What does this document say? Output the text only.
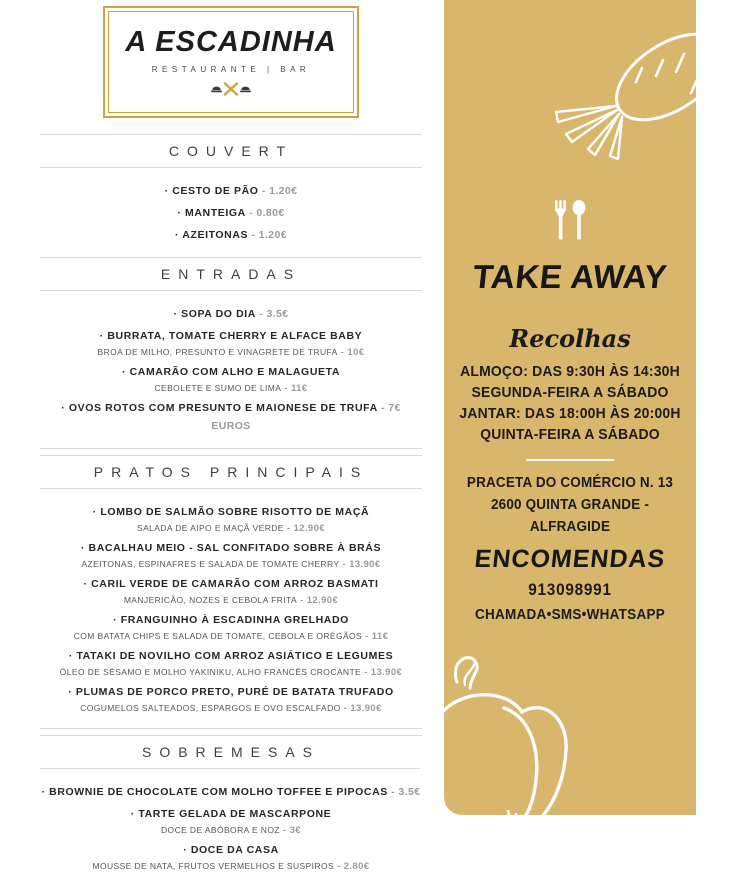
A ESCADINHA
RESTAURANTE | BAR
COUVERT
· CESTO DE PÃO - 1.20€
· MANTEIGA - 0.80€
· AZEITONAS - 1.20€
ENTRADAS
· SOPA DO DIA - 3.5€
· BURRATA, TOMATE CHERRY E ALFACE BABY
BROA DE MILHO, PRESUNTO E VINAGRETE DE TRUFA - 10€
· CAMARÃO COM ALHO E MALAGUETA
CEBOLETE E SUMO DE LIMA - 11€
· OVOS ROTOS COM PRESUNTO E MAIONESE DE TRUFA - 7€ EUROS
PRATOS PRINCIPAIS
· LOMBO DE SALMÃO SOBRE RISOTTO DE MAÇÃ
SALADA DE AIPO E MAÇÃ VERDE - 12.90€
· BACALHAU MEIO - SAL CONFITADO SOBRE À BRÁS
AZEITONAS, ESPINAFRES E SALADA DE TOMATE CHERRY - 13.90€
· CARIL VERDE DE CAMARÃO COM ARROZ BASMATI
MANJERICÃO, NOZES E CEBOLA FRITA - 12.90€
· FRANGUINHO À ESCADINHA GRELHADO
COM BATATA CHIPS E SALADA DE TOMATE, CEBOLA E ORÉGÃOS - 11€
· TATAKI DE NOVILHO COM ARROZ ASIÁTICO E LEGUMES
ÓLEO DE SÉSAMO E MOLHO YAKINIKU, ALHO FRANCÊS CROCANTE - 13.90€
· PLUMAS DE PORCO PRETO, PURÉ DE BATATA TRUFADO
COGUMELOS SALTEADOS, ESPARGOS E OVO ESCALFADO - 13.90€
SOBREMESAS
· BROWNIE DE CHOCOLATE COM MOLHO TOFFEE E PIPOCAS - 3.5€
· TARTE GELADA DE MASCARPONE
DOCE DE ABÓBORA E NOZ - 3€
· DOCE DA CASA
MOUSSE DE NATA, FRUTOS VERMELHOS E SUSPIROS - 2.80€
TAKE AWAY
Recolhas
ALMOÇO: DAS 9:30H ÀS 14:30H
SEGUNDA-FEIRA A SÁBADO
JANTAR: DAS 18:00H ÀS 20:00H
QUINTA-FEIRA A SÁBADO
PRACETA DO COMÉRCIO N. 13
2600 QUINTA GRANDE - ALFRAGIDE
ENCOMENDAS
913098991
CHAMADA•SMS•WHATSAPP
